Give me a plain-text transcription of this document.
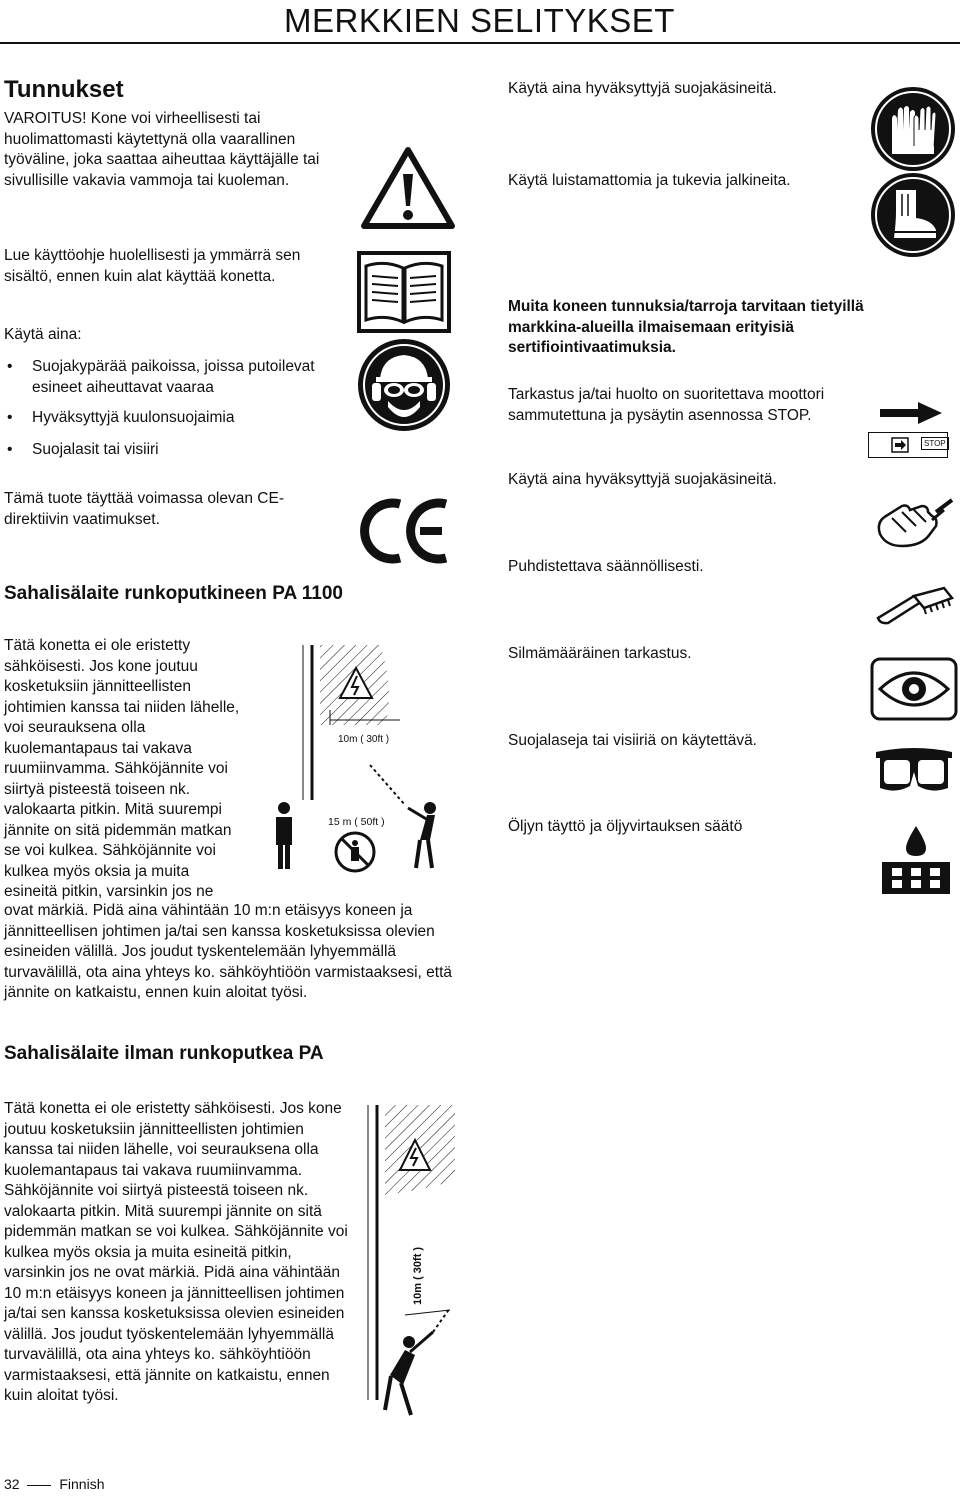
MERKKIEN SELITYKSET
Tunnukset

VAROITUS! Kone voi virheellisesti tai huolimattomasti käytettynä olla vaarallinen työväline, joka saattaa aiheuttaa käyttäjälle tai sivullisille vakavia vammoja tai kuoleman.

Lue käyttöohje huolellisesti ja ymmärrä sen sisältö, ennen kuin alat käyttää konetta.

Käytä aina:

• Suojakypärää paikoissa, joissa putoilevat esineet aiheuttavat vaaraa

• Hyväksyttyjä kuulonsuojaimia

• Suojalasit tai visiiri

Tämä tuote täyttää voimassa olevan CE-direktiivin vaatimukset.

Sahalisälaite runkoputkineen PA 1100
Tätä konetta ei ole eristetty
sähköisesti. Jos kone joutuu
kosketuksiin jännitteellisten
johtimien kanssa tai niiden lähelle,
voi seurauksena olla
kuolemantapaus tai vakava
ruumiinvamma. Sähköjännite voi
siirtyä pisteestä toiseen nk.
valokaarta pitkin. Mitä suurempi
jännite on sitä pidemmän matkan
se voi kulkea. Sähköjännite voi
kulkea myös oksia ja muita
esineitä pitkin, varsinkin jos ne

ovat märkiä. Pidä aina vähintään 10 m:n etäisyys koneen ja jännitteellisen johtimen ja/tai sen kanssa kosketuksissa olevien esineiden välillä. Jos joudut tyskentelemään lyhyemmällä turvavälillä, ota aina yhteys ko. sähköyhtiöön varmistaaksesi, että jännite on katkaistu, ennen kuin aloitat työsi.

Sahalisälaite ilman runkoputkea PA

Tätä konetta ei ole eristetty sähköisesti. Jos kone joutuu kosketuksiin jännitteellisten johtimien kanssa tai niiden lähelle, voi seurauksena olla kuolemantapaus tai vakava ruumiinvamma. Sähköjännite voi siirtyä pisteestä toiseen nk. valokaarta pitkin. Mitä suurempi jännite on sitä pidemmän matkan se voi kulkea. Sähköjännite voi kulkea myös oksia ja muita esineitä pitkin, varsinkin jos ne ovat märkiä. Pidä aina vähintään 10 m:n etäisyys koneen ja jännitteellisen johtimen ja/tai sen kanssa kosketuksissa olevien esineiden välillä. Jos joudut työskentelemään lyhyemmällä turvavälillä, ota aina yhteys ko. sähköyhtiöön varmistaaksesi, että jännite on katkaistu, ennen kuin aloitat työsi.

10m ( 30ft )
15 m ( 50ft )
10m ( 30ft )

Käytä aina hyväksyttyjä suojakäsineitä.

Käytä luistamattomia ja tukevia jalkineita.

Muita koneen tunnuksia/tarroja tarvitaan tietyillä markkina-alueilla ilmaisemaan erityisiä sertifiointivaatimuksia.

Tarkastus ja/tai huolto on suoritettava moottori sammutettuna ja pysäytin asennossa STOP.

Käytä aina hyväksyttyjä suojakäsineitä.

Puhdistettava säännöllisesti.

Silmämääräinen tarkastus.

Suojalaseja tai visiiriä on käytettävä.

Öljyn täyttö ja öljyvirtauksen säätö

STOP
32	Finnish
